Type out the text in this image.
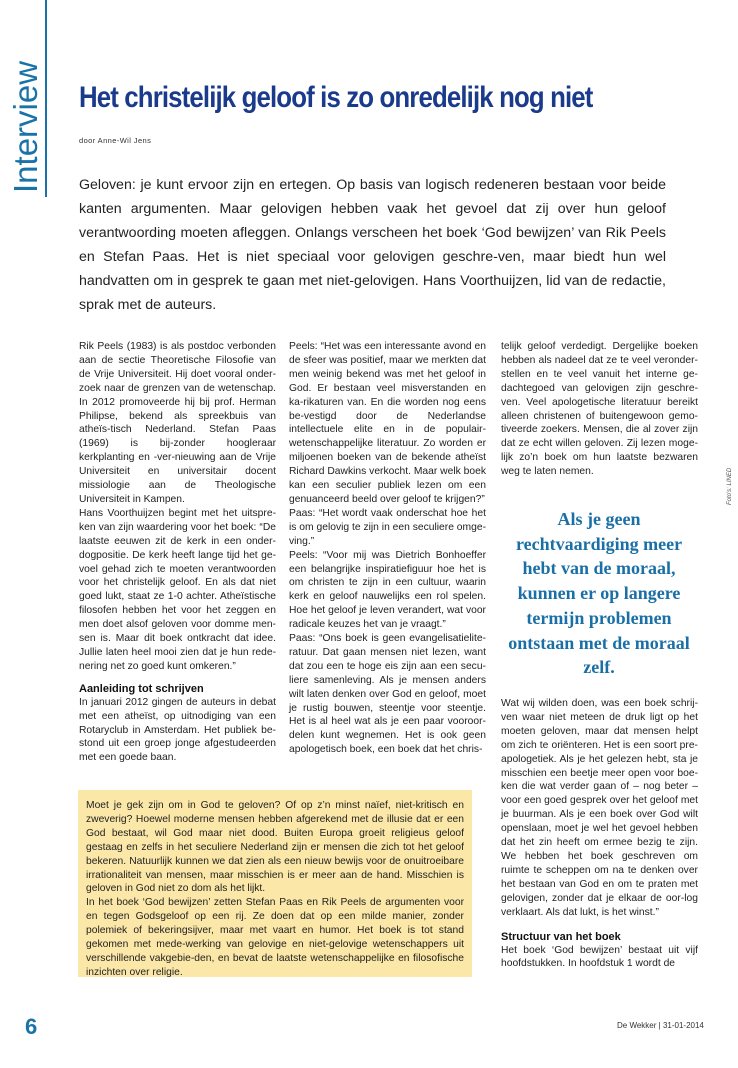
Interview	Het christelijk geloof is zo onredelijk nog niet
door Anne-Wil Jens

Geloven: je kunt ervoor zijn en ertegen. Op basis van logisch redeneren bestaan voor beide kanten argumenten. Maar gelovigen hebben vaak het gevoel dat zij over hun geloof verantwoording moeten afleggen. Onlangs verscheen het boek ‘God bewijzen’ van Rik Peels en Stefan Paas. Het is niet speciaal voor gelovigen geschre-ven, maar biedt hun wel handvatten om in gesprek te gaan met niet-gelovigen. Hans Voorthuijzen, lid van de redactie, sprak met de auteurs.

Rik Peels (1983) is als postdoc verbonden aan de sectie Theoretische Filosofie van de Vrije Universiteit. Hij doet vooral onder-zoek naar de grenzen van de wetenschap. In 2012 promoveerde hij bij prof. Herman Philipse, bekend als spreekbuis van atheïs-tisch Nederland. Stefan Paas (1969) is bij-zonder hoogleraar kerkplanting en -ver-nieuwing aan de Vrije Universiteit en universitair docent missiologie aan de Theologische Universiteit in Kampen.

Hans Voorthuijzen begint met het uitspre-ken van zijn waardering voor het boek: “De laatste eeuwen zit de kerk in een onder-dogpositie. De kerk heeft lange tijd het ge-voel gehad zich te moeten verantwoorden voor het christelijk geloof. En als dat niet goed lukt, staat ze 1-0 achter. Atheïstische filosofen hebben het voor het zeggen en men doet alsof geloven voor domme men-sen is. Maar dit boek ontkracht dat idee. Jullie laten heel mooi zien dat je hun rede-nering net zo goed kunt omkeren.”

Aanleiding tot schrijven

In januari 2012 gingen de auteurs in debat met een atheïst, op uitnodiging van een Rotaryclub in Amsterdam. Het publiek be-stond uit een groep jonge afgestudeerden met een goede baan.

Peels: “Het was een interessante avond en de sfeer was positief, maar we merkten dat men weinig bekend was met het geloof in God. Er bestaan veel misverstanden en ka-rikaturen van. En die worden nog eens be-vestigd door de Nederlandse intellectuele elite en in de populair-wetenschappelijke literatuur. Zo worden er miljoenen boeken van de bekende atheïst Richard Dawkins verkocht. Maar welk boek kan een seculier publiek lezen om een genuanceerd beeld over geloof te krijgen?”

Paas: “Het wordt vaak onderschat hoe het is om gelovig te zijn in een seculiere omge-ving.”

Peels: “Voor mij was Dietrich Bonhoeffer een belangrijke inspiratiefiguur hoe het is om christen te zijn in een cultuur, waarin kerk en geloof nauwelijks een rol spelen. Hoe het geloof je leven verandert, wat voor radicale keuzes het van je vraagt.”

Paas: “Ons boek is geen evangelisatielite-ratuur. Dat gaan mensen niet lezen, want dat zou een te hoge eis zijn aan een secu-liere samenleving. Als je mensen anders wilt laten denken over God en geloof, moet je rustig bouwen, steentje voor steentje. Het is al heel wat als je een paar vooroor-delen kunt wegnemen. Het is ook geen apologetisch boek, een boek dat het chris-

telijk geloof verdedigt. Dergelijke boeken hebben als nadeel dat ze te veel veronder-stellen en te veel vanuit het interne ge-dachtegoed van gelovigen zijn geschre-ven. Veel apologetische literatuur bereikt alleen christenen of buitengewoon gemo-tiveerde zoekers. Mensen, die al zover zijn dat ze echt willen geloven. Zij lezen moge-lijk zo’n boek om hun laatste bezwaren weg te laten nemen.

Als je geen rechtvaardiging meer hebt van de moraal, kunnen er op langere termijn problemen ontstaan met de moraal zelf.

Wat wij wilden doen, was een boek schrij-ven waar niet meteen de druk ligt op het moeten geloven, maar dat mensen helpt om zich te oriënteren. Het is een soort pre-apologetiek. Als je het gelezen hebt, sta je misschien een beetje meer open voor boe-ken die wat verder gaan of – nog beter – voor een goed gesprek over het geloof met je buurman. Als je een boek over God wilt openslaan, moet je wel het gevoel hebben dat het zin heeft om ermee bezig te zijn. We hebben het boek geschreven om ruimte te scheppen om na te denken over het bestaan van God en om te praten met gelovigen, zonder dat je elkaar de oor-log verklaart. Als dat lukt, is het winst.”

Structuur van het boek

Het boek ‘God bewijzen’ bestaat uit vijf hoofdstukken. In hoofdstuk 1 wordt de

Moet je gek zijn om in God te geloven? Of op z’n minst naïef, niet-kritisch en zweverig? Hoewel moderne mensen hebben afgerekend met de illusie dat er een God bestaat, wil God maar niet dood. Buiten Europa groeit religieus geloof gestaag en zelfs in het seculiere Nederland zijn er mensen die zich tot het geloof bekeren. Natuurlijk kunnen we dat zien als een nieuw bewijs voor de onuitroeibare irrationaliteit van mensen, maar misschien is er meer aan de hand. Misschien is geloven in God niet zo dom als het lijkt.

In het boek ‘God bewijzen’ zetten Stefan Paas en Rik Peels de argumenten voor en tegen Godsgeloof op een rij. Ze doen dat op een milde manier, zonder polemiek of bekeringsijver, maar met vaart en humor. Het boek is tot stand gekomen met mede-werking van gelovige en niet-gelovige wetenschappers uit verschillende vakgebie-den, en bevat de laatste wetenschappelijke en filosofische inzichten over religie.

Foto's: LINED
6	De Wekker | 31-01-2014
